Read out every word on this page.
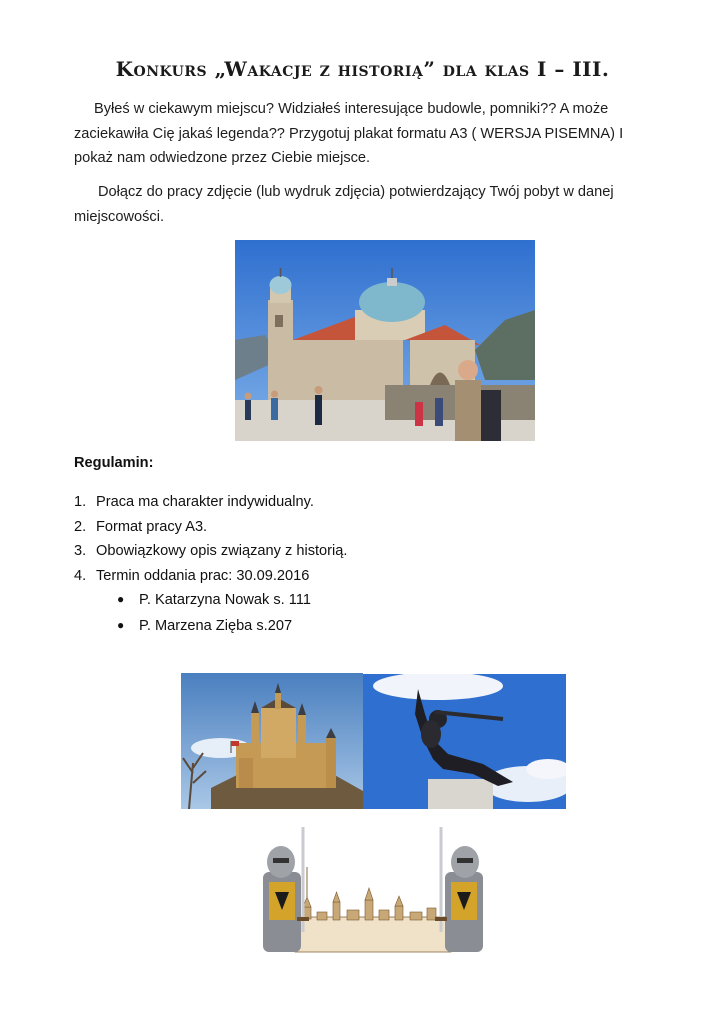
Konkurs „Wakacje z historią” dla klas I – III.
Byłeś w ciekawym miejscu? Widziałeś interesujące budowle, pomniki?? A może zaciekawiła Cię jakaś legenda?? Przygotuj plakat formatu A3 ( WERSJA PISEMNA) I pokaż nam odwiedzone przez Ciebie miejsce.
Dołącz do pracy zdjęcie (lub wydruk zdjęcia) potwierdzający Twój pobyt w danej miejscowości.
Regulamin:
1. Praca ma charakter indywidualny.
2. Format pracy A3.
3. Obowiązkowy opis związany z historią.
4. Termin oddania prac: 30.09.2016
● P. Katarzyna Nowak s. 111
● P. Marzena Zięba s.207
